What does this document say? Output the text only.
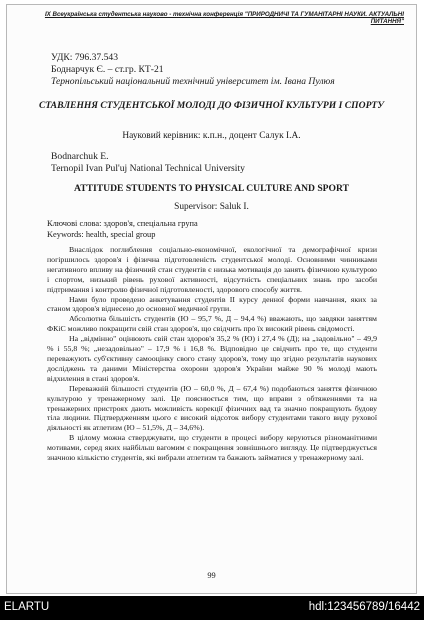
IX Всеукраїнська студентська науково - технічна конференція "ПРИРОДНИЧІ ТА ГУМАНІТАРНІ НАУКИ. АКТУАЛЬНІ ПИТАННЯ"
УДК: 796.37.543
Боднарчук Є. – ст.гр. КТ-21
Тернопільський національний технічний університет ім. Івана Пулюя
СТАВЛЕННЯ СТУДЕНТСЬКОЇ МОЛОДІ ДО ФІЗИЧНОЇ КУЛЬТУРИ І СПОРТУ
Науковий керівник: к.п.н., доцент Салук І.А.
Bodnarchuk E.
Ternopil Ivan Pul'uj National Technical University
ATTITUDE STUDENTS TO PHYSICAL CULTURE AND SPORT
Supervisor: Saluk I.
Ключові слова: здоров'я, спеціальна група
Keywords: health, special group

Внаслідок поглиблення соціально-економічної, екологічної та демографічної кризи погіршилось здоров'я і фізична підготовленість студентської молоді. Основними чинниками негативного впливу на фізичний стан студентів є низька мотивація до занять фізичною культурою і спортом, низький рівень рухової активності, відсутність спеціальних знань про засоби підтримання і контролю фізичної підготовленості, здорового способу життя.

Нами було проведено анкетування студентів ІІ курсу денної форми навчання, яких за станом здоров'я віднесено до основної медичної групи.

Абсолютна більшість студентів (Ю – 95,7 %, Д – 94,4 %) вважають, що завдяки заняттям ФКіС можливо покращити свій стан здоров'я, що свідчить про їх високий рівень свідомості.

На „відмінно" оцінюють свій стан здоров'я 35,2 % (Ю) і 27,4 % (Д); на „задовільно" – 49,9 % і 55,8 %; „незадовільно" – 17,9 % і 16,8 %. Відповідно це свідчить про те, що студенти переважують суб'єктивну самооцінку свого стану здоров'я, тому що згідно результатів наукових досліджень та даними Міністерства охорони здоров'я України майже 90 % молоді мають відхилення в стані здоров'я.

Переважній більшості студентів (Ю – 60,0 %, Д – 67,4 %) подобаються заняття фізичною культурою у тренажерному залі. Це пояснюється тим, що вправи з обтяженнями та на тренажерних пристроях дають можливість корекції фізичних вад та значно покращують будову тіла людини. Підтвердженням цього є високий відсоток вибору студентами такого виду рухової діяльності як атлетизм (Ю – 51,5%, Д – 34,6%).

В цілому можна стверджувати, що студенти в процесі вибору керуються різноманітними мотивами, серед яких найбільш вагомим є покращення зовнішнього вигляду. Це підтверджується значною кількістю студентів, які вибрали атлетизм та бажають займатися у тренажерному залі.

99
ELARTU	hdl:123456789/16442
